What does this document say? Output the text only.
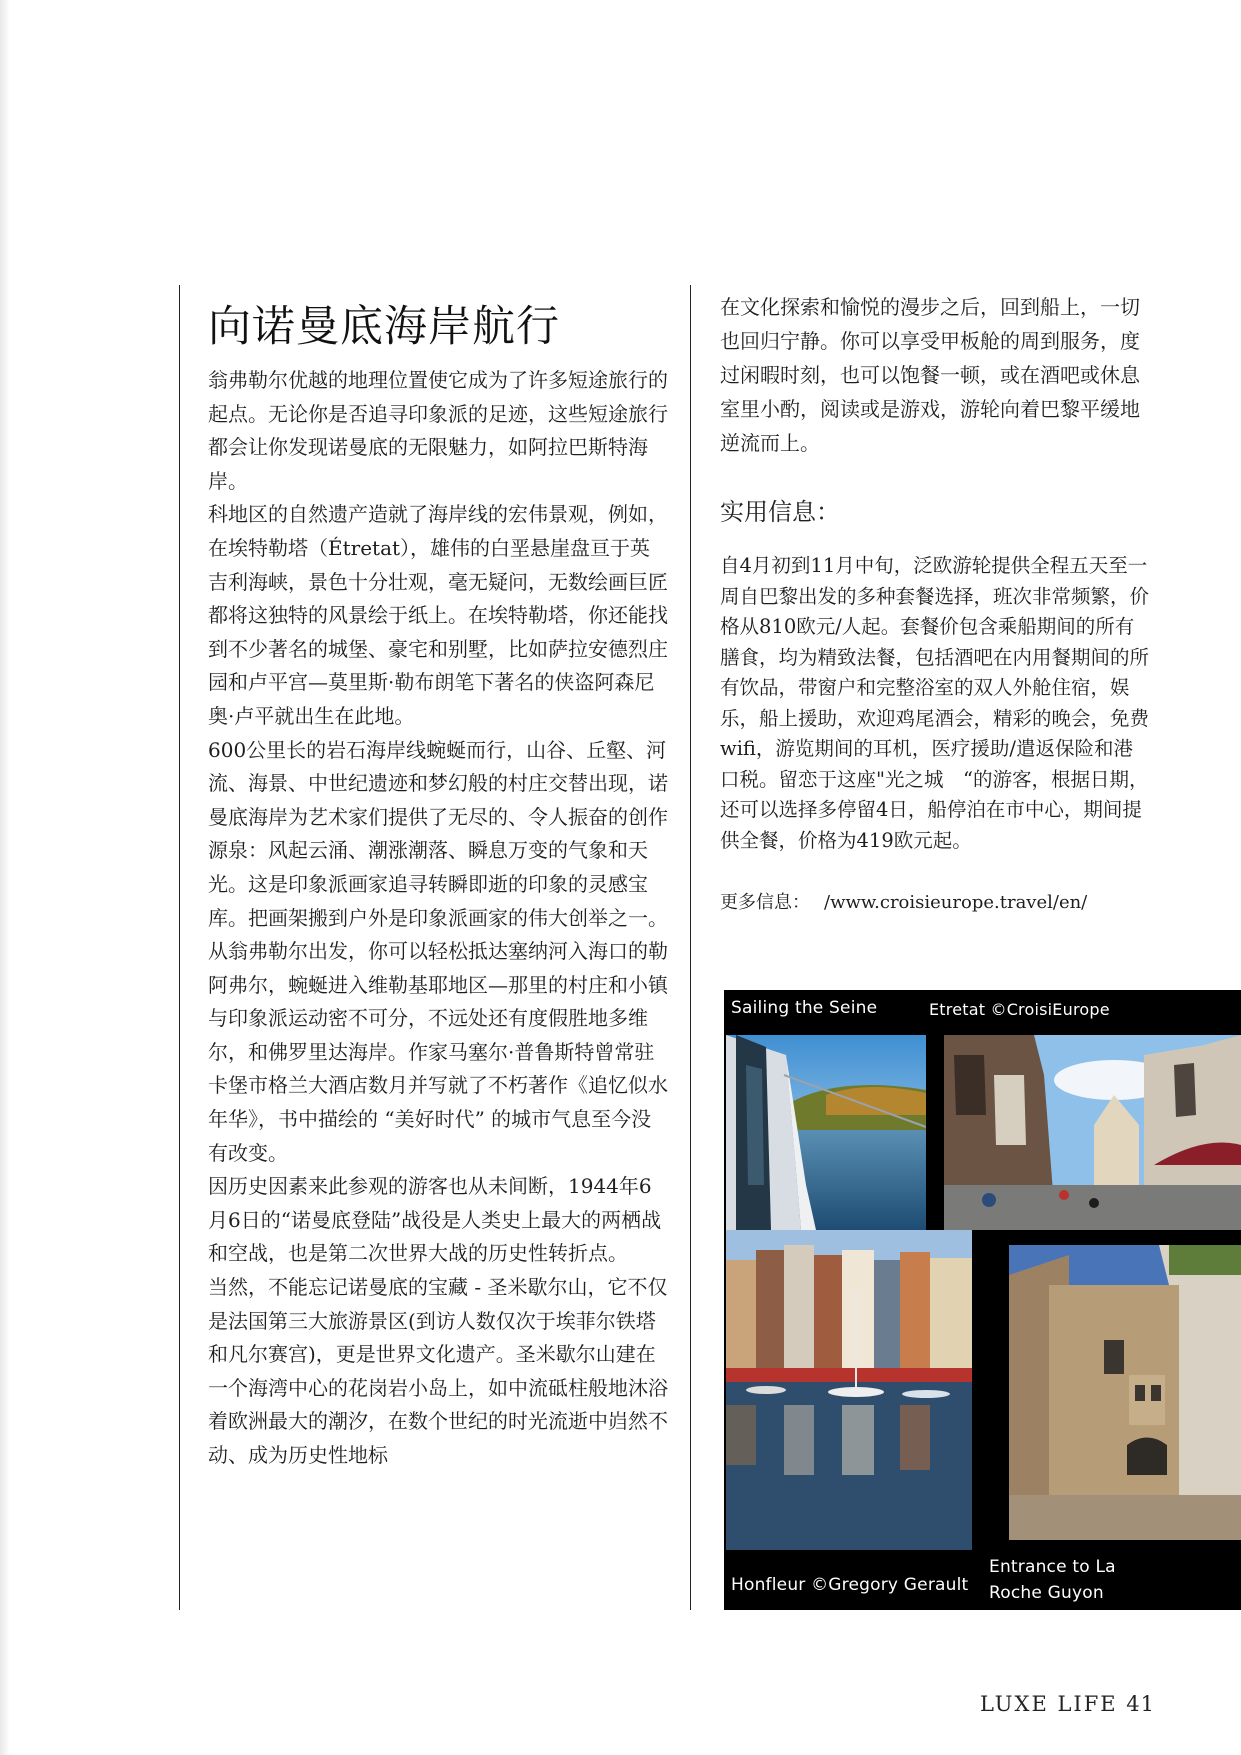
向诺曼底海岸航行

翁弗勒尔优越的地理位置使它成为了许多短途旅行的起点。无论你是否追寻印象派的足迹，这些短途旅行都会让你发现诺曼底的无限魅力，如阿拉巴斯特海岸。

科地区的自然遗产造就了海岸线的宏伟景观，例如，在埃特勒塔（Étretat），雄伟的白垩悬崖盘亘于英吉利海峡，景色十分壮观，毫无疑问，无数绘画巨匠都将这独特的风景绘于纸上。在埃特勒塔，你还能找到不少著名的城堡、豪宅和别墅，比如萨拉安德烈庄园和卢平宫—莫里斯·勒布朗笔下著名的侠盗阿森尼奥·卢平就出生在此地。

600公里长的岩石海岸线蜿蜒而行，山谷、丘壑、河流、海景、中世纪遗迹和梦幻般的村庄交替出现，诺曼底海岸为艺术家们提供了无尽的、令人振奋的创作源泉：风起云涌、潮涨潮落、瞬息万变的气象和天光。这是印象派画家追寻转瞬即逝的印象的灵感宝库。把画架搬到户外是印象派画家的伟大创举之一。从翁弗勒尔出发，你可以轻松抵达塞纳河入海口的勒阿弗尔，蜿蜒进入维勒基耶地区—那里的村庄和小镇与印象派运动密不可分，不远处还有度假胜地多维尔，和佛罗里达海岸。作家马塞尔·普鲁斯特曾常驻卡堡市格兰大酒店数月并写就了不朽著作《追忆似水年华》，书中描绘的 “美好时代” 的城市气息至今没有改变。

因历史因素来此参观的游客也从未间断，1944年6月6日的“诺曼底登陆”战役是人类史上最大的两栖战和空战，也是第二次世界大战的历史性转折点。

当然，不能忘记诺曼底的宝藏 - 圣米歇尔山，它不仅是法国第三大旅游景区(到访人数仅次于埃菲尔铁塔和凡尔赛宫)，更是世界文化遗产。圣米歇尔山建在一个海湾中心的花岗岩小岛上，如中流砥柱般地沐浴着欧洲最大的潮汐，在数个世纪的时光流逝中岿然不动、成为历史性地标

在文化探索和愉悦的漫步之后，回到船上，一切也回归宁静。你可以享受甲板舱的周到服务，度过闲暇时刻，也可以饱餐一顿，或在酒吧或休息室里小酌，阅读或是游戏，游轮向着巴黎平缓地逆流而上。

实用信息：

自4月初到11月中旬，泛欧游轮提供全程五天至一周自巴黎出发的多种套餐选择，班次非常频繁，价格从810欧元/人起。套餐价包含乘船期间的所有膳食，均为精致法餐，包括酒吧在内用餐期间的所有饮品，带窗户和完整浴室的双人外舱住宿，娱乐，船上援助，欢迎鸡尾酒会，精彩的晚会，免费wifi，游览期间的耳机，医疗援助/遣返保险和港口税。留恋于这座"光之城　“的游客，根据日期，还可以选择多停留4日，船停泊在市中心，期间提供全餐，价格为419欧元起。

更多信息： /www.croisieurope.travel/en/

Sailing the Seine	Etretat ©CroisiEurope
Honfleur ©Gregory Gerault
Entrance to La
Roche Guyon
LUXE LIFE 41
